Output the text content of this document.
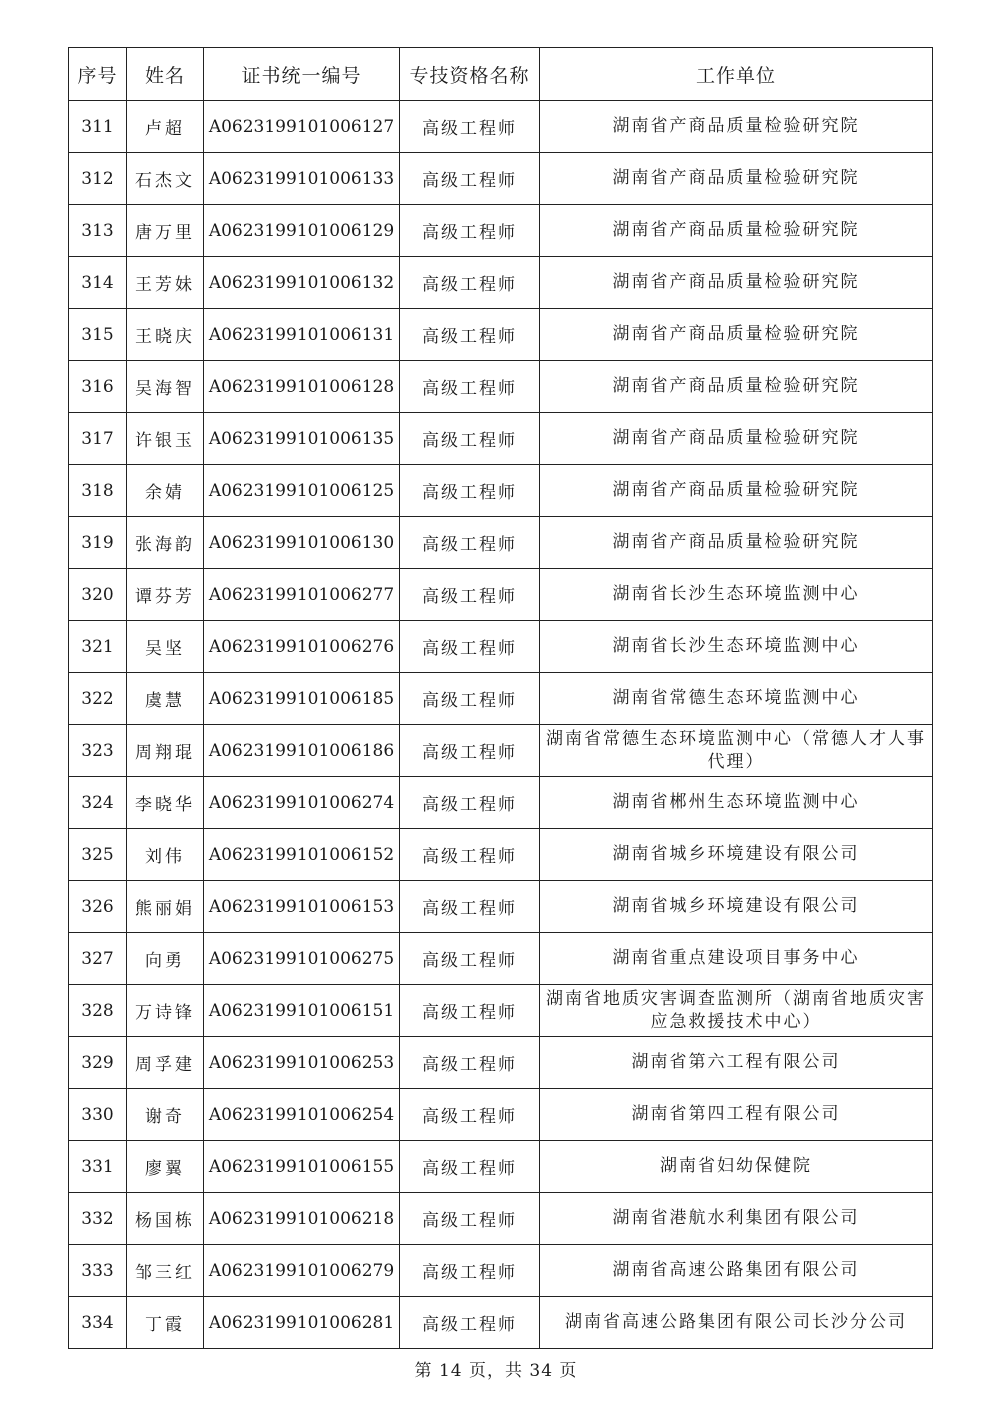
序号	姓名	证书统一编号	专技资格名称	工作单位
311	卢超	A0623199101006127	高级工程师	湖南省产商品质量检验研究院
312	石杰文	A0623199101006133	高级工程师	湖南省产商品质量检验研究院
313	唐万里	A0623199101006129	高级工程师	湖南省产商品质量检验研究院
314	王芳妹	A0623199101006132	高级工程师	湖南省产商品质量检验研究院
315	王晓庆	A0623199101006131	高级工程师	湖南省产商品质量检验研究院
316	吴海智	A0623199101006128	高级工程师	湖南省产商品质量检验研究院
317	许银玉	A0623199101006135	高级工程师	湖南省产商品质量检验研究院
318	余婧	A0623199101006125	高级工程师	湖南省产商品质量检验研究院
319	张海韵	A0623199101006130	高级工程师	湖南省产商品质量检验研究院
320	谭芬芳	A0623199101006277	高级工程师	湖南省长沙生态环境监测中心
321	吴坚	A0623199101006276	高级工程师	湖南省长沙生态环境监测中心
322	虞慧	A0623199101006185	高级工程师	湖南省常德生态环境监测中心
323	周翔琨	A0623199101006186	高级工程师	湖南省常德生态环境监测中心（常德人才人事代理）
324	李晓华	A0623199101006274	高级工程师	湖南省郴州生态环境监测中心
325	刘伟	A0623199101006152	高级工程师	湖南省城乡环境建设有限公司
326	熊丽娟	A0623199101006153	高级工程师	湖南省城乡环境建设有限公司
327	向勇	A0623199101006275	高级工程师	湖南省重点建设项目事务中心
328	万诗锋	A0623199101006151	高级工程师	湖南省地质灾害调查监测所（湖南省地质灾害应急救援技术中心）
329	周孚建	A0623199101006253	高级工程师	湖南省第六工程有限公司
330	谢奇	A0623199101006254	高级工程师	湖南省第四工程有限公司
331	廖翼	A0623199101006155	高级工程师	湖南省妇幼保健院
332	杨国栋	A0623199101006218	高级工程师	湖南省港航水利集团有限公司
333	邹三红	A0623199101006279	高级工程师	湖南省高速公路集团有限公司
334	丁霞	A0623199101006281	高级工程师	湖南省高速公路集团有限公司长沙分公司
第 14 页，共 34 页
